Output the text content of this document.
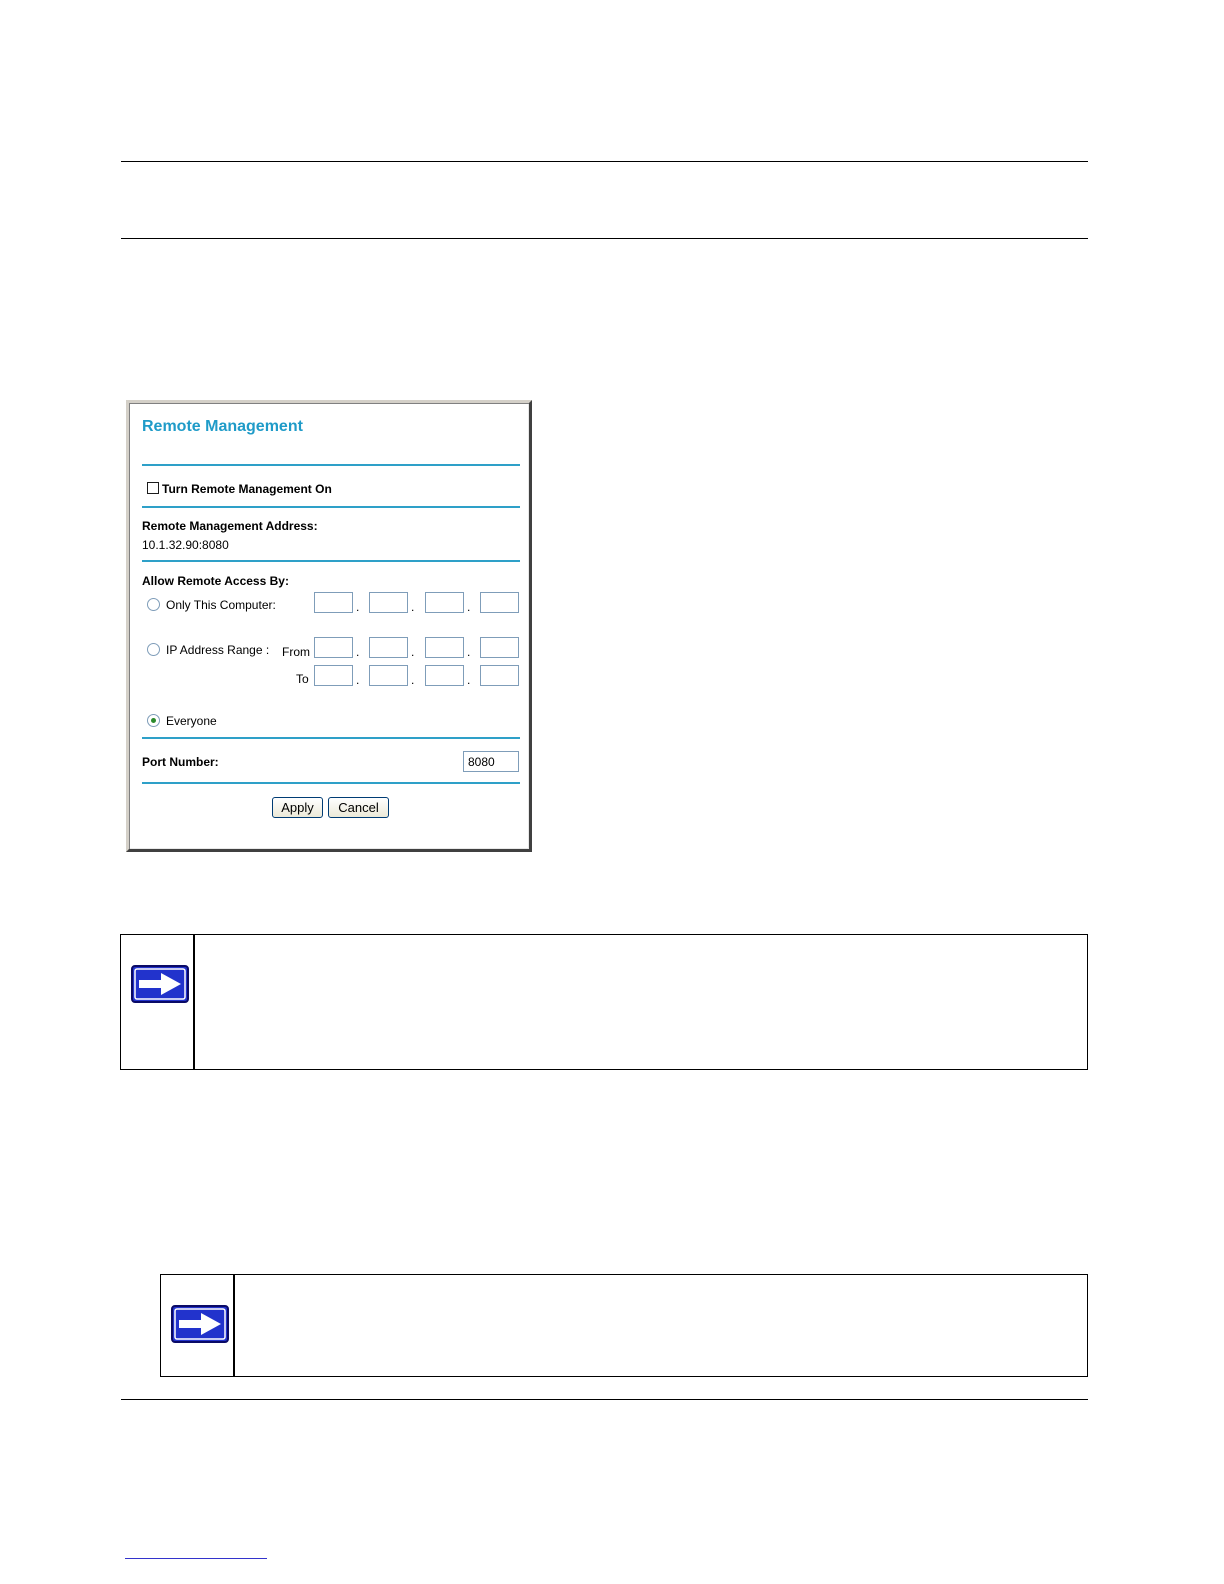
Remote Management
Turn Remote Management On
Remote Management Address:
10.1.32.90:8080
Allow Remote Access By:
Only This Computer:	.	.	.
IP Address Range : From	.	.	.
To	.	.	.
Everyone
Port Number:
8080
Apply	Cancel
